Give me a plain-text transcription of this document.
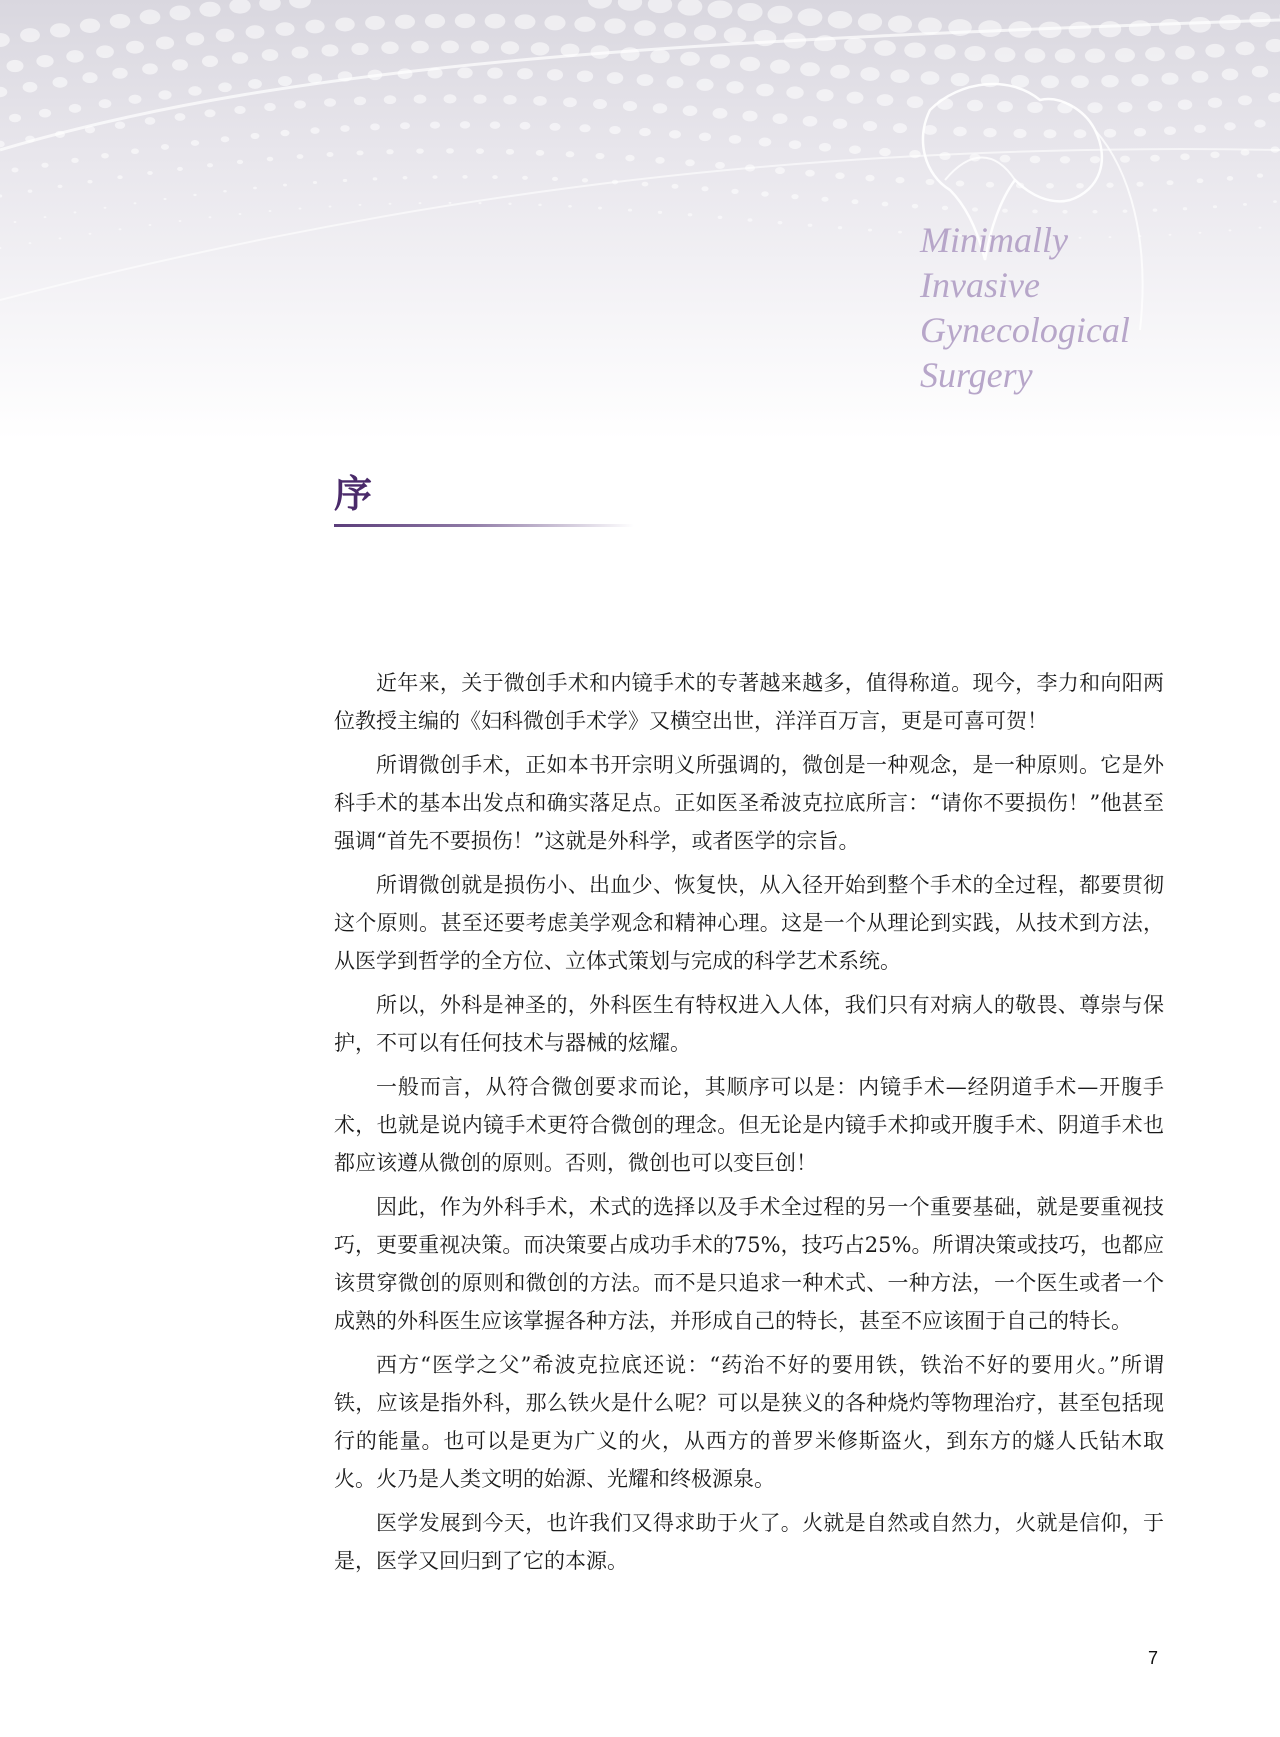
Minimally
Invasive
Gynecological
Surgery
序

近年来，关于微创手术和内镜手术的专著越来越多，值得称道。现今，李力和向阳两位教授主编的《妇科微创手术学》又横空出世，洋洋百万言，更是可喜可贺！

所谓微创手术，正如本书开宗明义所强调的，微创是一种观念，是一种原则。它是外科手术的基本出发点和确实落足点。正如医圣希波克拉底所言：“请你不要损伤！”他甚至强调“首先不要损伤！”这就是外科学，或者医学的宗旨。

所谓微创就是损伤小、出血少、恢复快，从入径开始到整个手术的全过程，都要贯彻这个原则。甚至还要考虑美学观念和精神心理。这是一个从理论到实践，从技术到方法，从医学到哲学的全方位、立体式策划与完成的科学艺术系统。

所以，外科是神圣的，外科医生有特权进入人体，我们只有对病人的敬畏、尊崇与保护，不可以有任何技术与器械的炫耀。

一般而言，从符合微创要求而论，其顺序可以是：内镜手术—经阴道手术—开腹手术，也就是说内镜手术更符合微创的理念。但无论是内镜手术抑或开腹手术、阴道手术也都应该遵从微创的原则。否则，微创也可以变巨创！

因此，作为外科手术，术式的选择以及手术全过程的另一个重要基础，就是要重视技巧，更要重视决策。而决策要占成功手术的75%，技巧占25%。所谓决策或技巧，也都应该贯穿微创的原则和微创的方法。而不是只追求一种术式、一种方法，一个医生或者一个成熟的外科医生应该掌握各种方法，并形成自己的特长，甚至不应该囿于自己的特长。

西方“医学之父”希波克拉底还说：“药治不好的要用铁，铁治不好的要用火。”所谓铁，应该是指外科，那么铁火是什么呢？可以是狭义的各种烧灼等物理治疗，甚至包括现行的能量。也可以是更为广义的火，从西方的普罗米修斯盗火，到东方的燧人氏钻木取火。火乃是人类文明的始源、光耀和终极源泉。

医学发展到今天，也许我们又得求助于火了。火就是自然或自然力，火就是信仰，于是，医学又回归到了它的本源。

7
